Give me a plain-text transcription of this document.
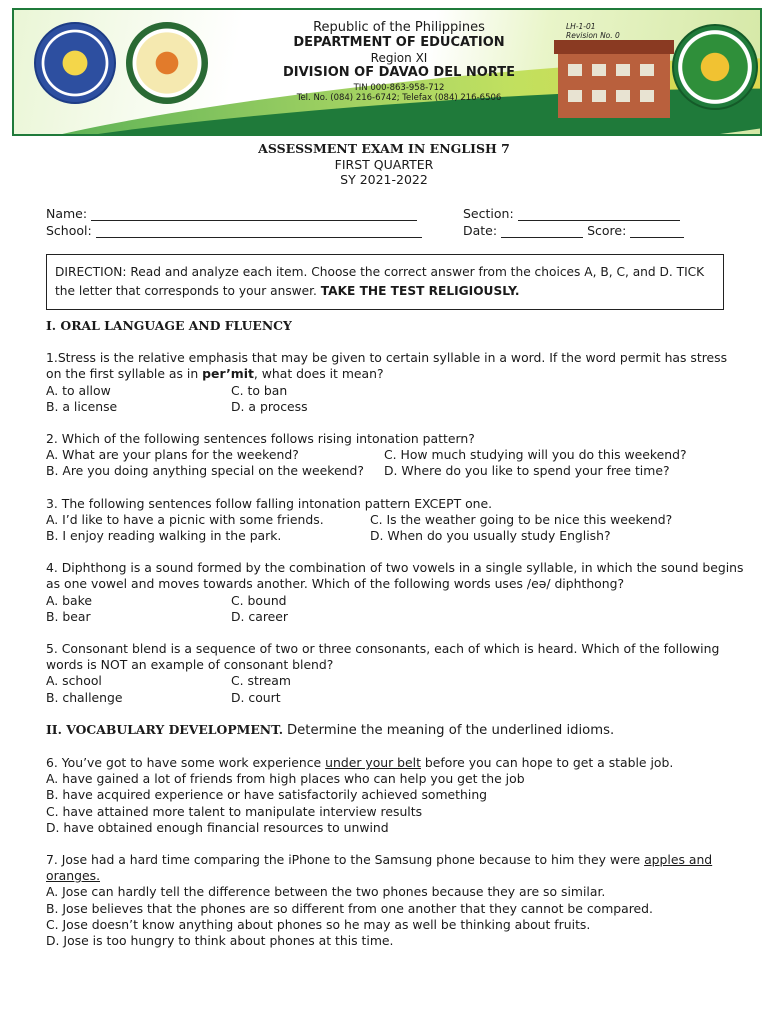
Republic of the Philippines
DEPARTMENT OF EDUCATION
Region XI
DIVISION OF DAVAO DEL NORTE
TIN 000-863-958-712
Tel. No. (084) 216-6742; Telefax (084) 216-6506
LH-1-01
Revision No. 0
ASSESSMENT EXAM IN ENGLISH 7
FIRST QUARTER
SY 2021-2022
Name:	Section:
School:	Date:	Score:
DIRECTION: Read and analyze each item. Choose the correct answer from the choices A, B, C, and D. TICK the letter that corresponds to your answer. TAKE THE TEST RELIGIOUSLY.
I. ORAL LANGUAGE AND FLUENCY
1.Stress is the relative emphasis that may be given to certain syllable in a word. If the word permit has stress on the first syllable as in per’mit, what does it mean?
A. to allow	C. to ban
B. a license	D. a process
2. Which of the following sentences follows rising intonation pattern?
A. What are your plans for the weekend?	C. How much studying will you do this weekend?
B. Are you doing anything special on the weekend?	D. Where do you like to spend your free time?
3. The following sentences follow falling intonation pattern EXCEPT one.
A. I’d like to have a picnic with some friends.	C. Is the weather going to be nice this weekend?
B. I enjoy reading walking in the park.	D. When do you usually study English?
4. Diphthong is a sound formed by the combination of two vowels in a single syllable, in which the sound begins as one vowel and moves towards another. Which of the following words uses /eə/ diphthong?
A. bake	C. bound
B. bear	D. career
5. Consonant blend is a sequence of two or three consonants, each of which is heard. Which of the following words is NOT an example of consonant blend?
A. school	C. stream
B. challenge	D. court
II. VOCABULARY DEVELOPMENT. Determine the meaning of the underlined idioms.
6. You’ve got to have some work experience under your belt before you can hope to get a stable job.
A. have gained a lot of friends from high places who can help you get the job
B. have acquired experience or have satisfactorily achieved something
C. have attained more talent to manipulate interview results
D. have obtained enough financial resources to unwind
7. Jose had a hard time comparing the iPhone to the Samsung phone because to him they were apples and oranges.
A. Jose can hardly tell the difference between the two phones because they are so similar.
B. Jose believes that the phones are so different from one another that they cannot be compared.
C. Jose doesn’t know anything about phones so he may as well be thinking about fruits.
D. Jose is too hungry to think about phones at this time.
